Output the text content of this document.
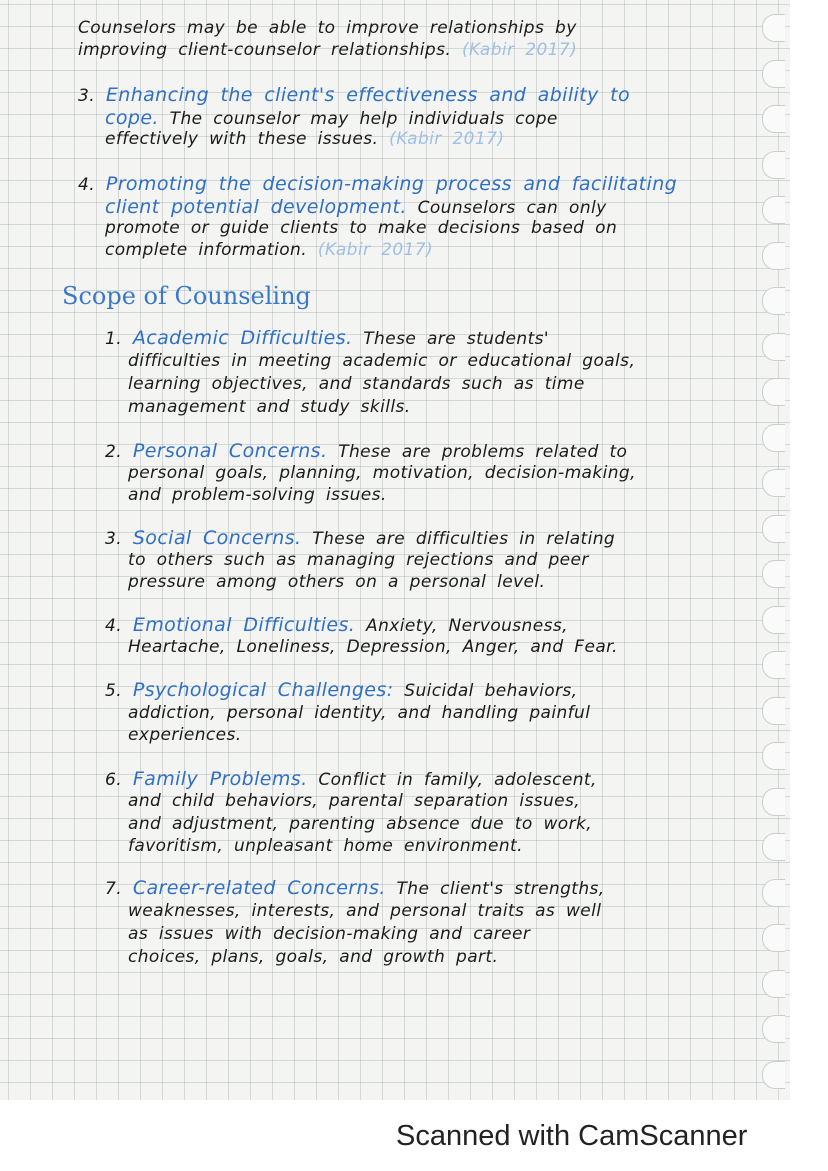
Counselors may be able to improve relationships by
improving client-counselor relationships. (Kabir 2017)
3. Enhancing the client's effectiveness and ability to
cope. The counselor may help individuals cope
effectively with these issues. (Kabir 2017)
4. Promoting the decision-making process and facilitating
client potential development. Counselors can only
promote or guide clients to make decisions based on
complete information. (Kabir 2017)
1. Academic Difficulties. These are students'
difficulties in meeting academic or educational goals,
learning objectives, and standards such as time
management and study skills.
2. Personal Concerns. These are problems related to
personal goals, planning, motivation, decision-making,
and problem-solving issues.
3. Social Concerns. These are difficulties in relating
to others such as managing rejections and peer
pressure among others on a personal level.
4. Emotional Difficulties. Anxiety, Nervousness,
Heartache, Loneliness, Depression, Anger, and Fear.
5. Psychological Challenges: Suicidal behaviors,
addiction, personal identity, and handling painful
experiences.
6. Family Problems. Conflict in family, adolescent,
and child behaviors, parental separation issues,
and adjustment, parenting absence due to work,
favoritism, unpleasant home environment.
7. Career-related Concerns. The client's strengths,
weaknesses, interests, and personal traits as well
as issues with decision-making and career
choices, plans, goals, and growth part.
Scope of Counseling
Scanned with CamScanner
